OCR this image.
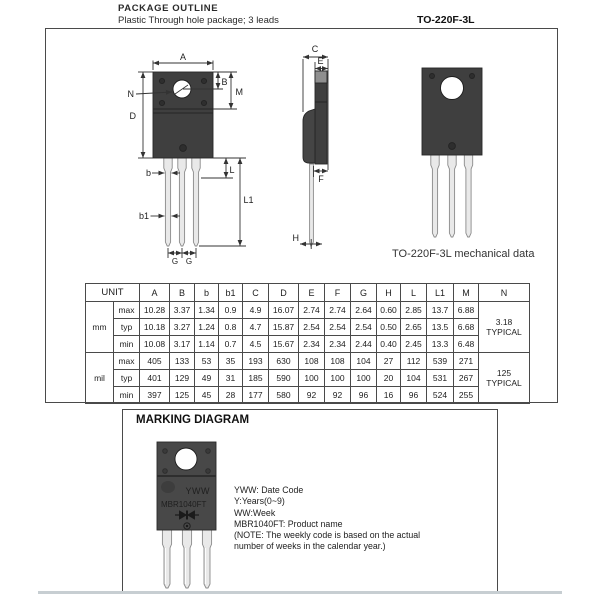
PACKAGE OUTLINE
Plastic Through hole package; 3 leads	TO-220F-3L
A
D
B
M
N
L
L1
b
b1
G G
C
E
F
H
YWW
MBR1040FT
TO-220F-3L mechanical data
MARKING DIAGRAM
YWW: Date Code
Y:Years(0~9)
WW:Week
MBR1040FT: Product name
(NOTE: The weekly code is based on the actual
number of weeks in the calendar year.)
UNIT		A	B	b	b1	C	D	E	F	G	H	L	L1	M	N
mm	max	10.28	3.37	1.34	0.9	4.9	16.07	2.74	2.74	2.64	0.60	2.85	13.7	6.88	3.18 TYPICAL
	typ	10.18	3.27	1.24	0.8	4.7	15.87	2.54	2.54	2.54	0.50	2.65	13.5	6.68	
	min	10.08	3.17	1.14	0.7	4.5	15.67	2.34	2.34	2.44	0.40	2.45	13.3	6.48	
mil	max	405	133	53	35	193	630	108	108	104	27	112	539	271	125 TYPICAL
	typ	401	129	49	31	185	590	100	100	100	20	104	531	267	
	min	397	125	45	28	177	580	92	92	96	16	96	524	255	
